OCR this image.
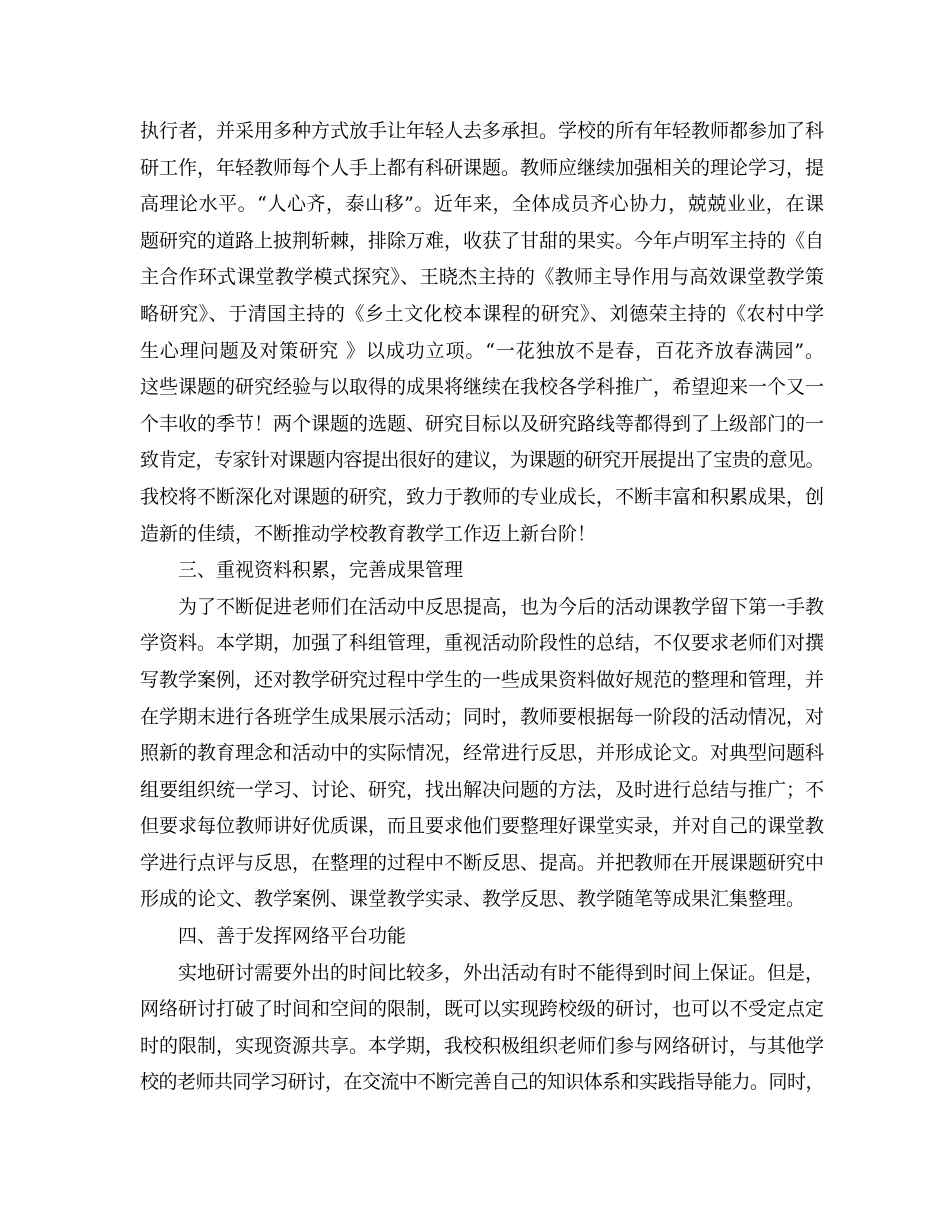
执行者，并采用多种方式放手让年轻人去多承担。学校的所有年轻教师都参加了科
研工作，年轻教师每个人手上都有科研课题。教师应继续加强相关的理论学习，提
高理论水平。“人心齐，泰山移”。近年来，全体成员齐心协力，兢兢业业，在课
题研究的道路上披荆斩棘，排除万难，收获了甘甜的果实。今年卢明军主持的《自
主合作环式课堂教学模式探究》、王晓杰主持的《教师主导作用与高效课堂教学策
略研究》、于清国主持的《乡土文化校本课程的研究》、刘德荣主持的《农村中学
生心理问题及对策研究 》以成功立项。“一花独放不是春，百花齐放春满园”。
这些课题的研究经验与以取得的成果将继续在我校各学科推广，希望迎来一个又一
个丰收的季节！两个课题的选题、研究目标以及研究路线等都得到了上级部门的一
致肯定，专家针对课题内容提出很好的建议，为课题的研究开展提出了宝贵的意见。
我校将不断深化对课题的研究，致力于教师的专业成长，不断丰富和积累成果，创
造新的佳绩，不断推动学校教育教学工作迈上新台阶！
三、重视资料积累，完善成果管理
为了不断促进老师们在活动中反思提高，也为今后的活动课教学留下第一手教
学资料。本学期，加强了科组管理，重视活动阶段性的总结，不仅要求老师们对撰
写教学案例，还对教学研究过程中学生的一些成果资料做好规范的整理和管理，并
在学期末进行各班学生成果展示活动；同时，教师要根据每一阶段的活动情况，对
照新的教育理念和活动中的实际情况，经常进行反思，并形成论文。对典型问题科
组要组织统一学习、讨论、研究，找出解决问题的方法，及时进行总结与推广；不
但要求每位教师讲好优质课，而且要求他们要整理好课堂实录，并对自己的课堂教
学进行点评与反思，在整理的过程中不断反思、提高。并把教师在开展课题研究中
形成的论文、教学案例、课堂教学实录、教学反思、教学随笔等成果汇集整理。
四、善于发挥网络平台功能
实地研讨需要外出的时间比较多，外出活动有时不能得到时间上保证。但是，
网络研讨打破了时间和空间的限制，既可以实现跨校级的研讨，也可以不受定点定
时的限制，实现资源共享。本学期，我校积极组织老师们参与网络研讨，与其他学
校的老师共同学习研讨，在交流中不断完善自己的知识体系和实践指导能力。同时，
